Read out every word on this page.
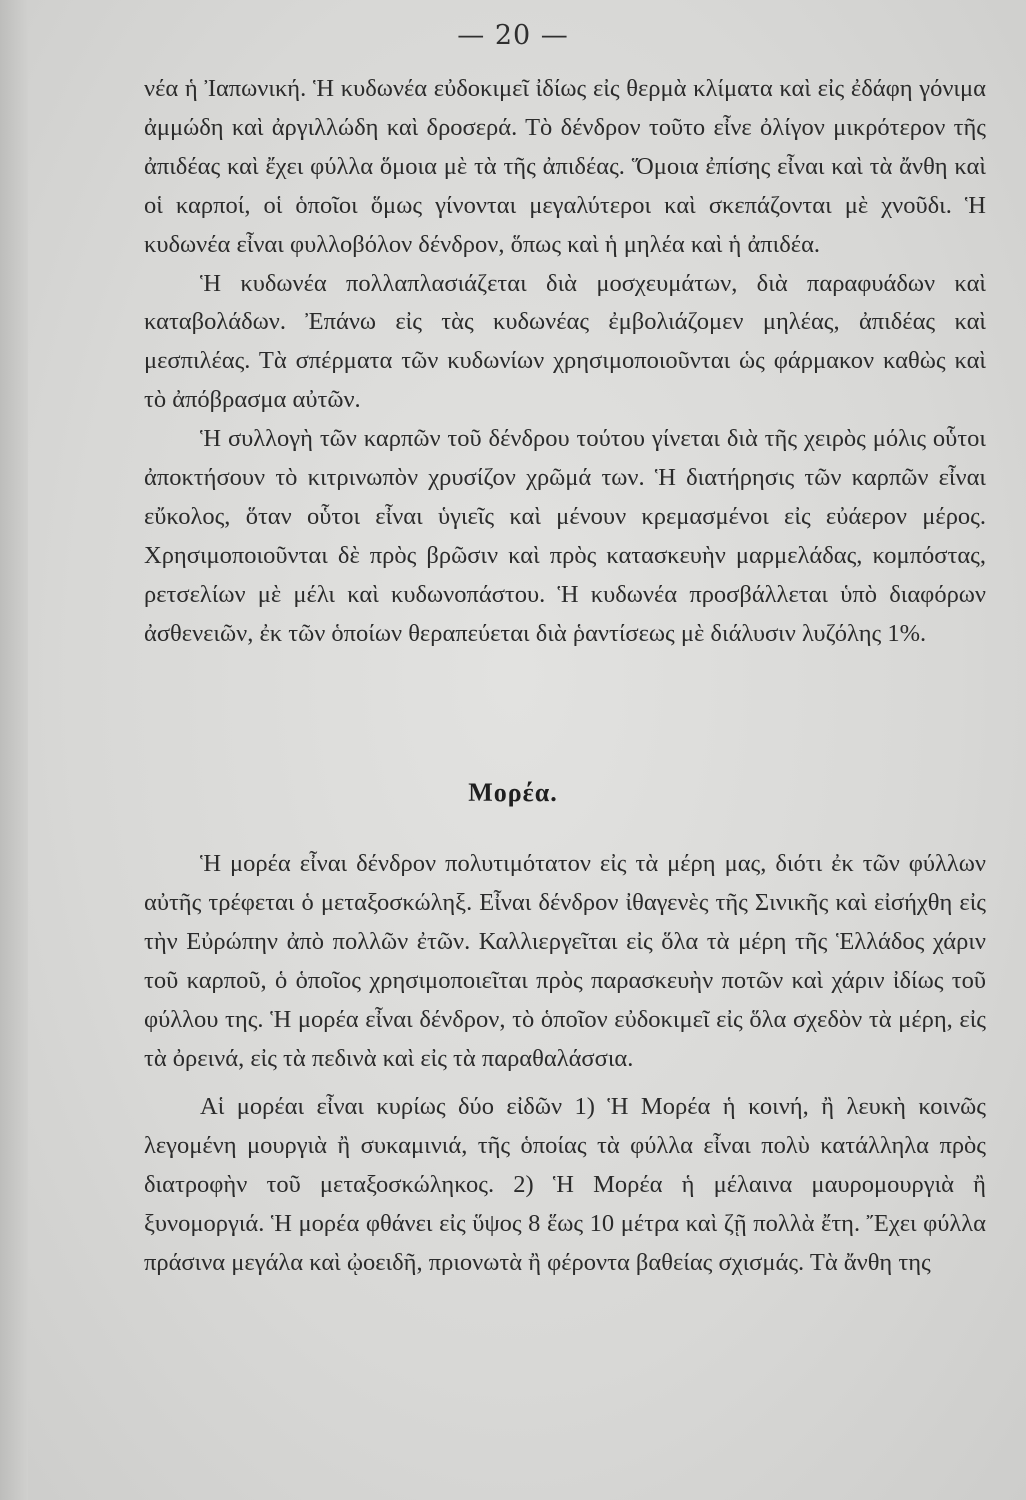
— 20 —

νέα ἡ Ἰαπωνική. Ἡ κυδωνέα εὐδοκιμεῖ ἰδίως εἰς θερμὰ κλίματα καὶ εἰς ἐδάφη γόνιμα ἀμμώδη καὶ ἀργιλλώδη καὶ δροσερά. Τὸ δένδρον τοῦτο εἶνε ὀλίγον μικρότερον τῆς ἀπιδέας καὶ ἔχει φύλλα ὅμοια μὲ τὰ τῆς ἀπιδέας. Ὅμοια ἐπίσης εἶναι καὶ τὰ ἄνθη καὶ οἱ καρποί, οἱ ὁποῖοι ὅμως γίνονται μεγαλύτεροι καὶ σκεπάζονται μὲ χνοῦδι. Ἡ κυδωνέα εἶναι φυλλοβόλον δένδρον, ὅπως καὶ ἡ μηλέα καὶ ἡ ἀπιδέα.

Ἡ κυδωνέα πολλαπλασιάζεται διὰ μοσχευμάτων, διὰ παραφυάδων καὶ καταβολάδων. Ἐπάνω εἰς τὰς κυδωνέας ἐμβολιάζομεν μηλέας, ἀπιδέας καὶ μεσπιλέας. Τὰ σπέρματα τῶν κυδωνίων χρησιμοποιοῦνται ὡς φάρμακον καθὼς καὶ τὸ ἀπόβρασμα αὐτῶν.

Ἡ συλλογὴ τῶν καρπῶν τοῦ δένδρου τούτου γίνεται διὰ τῆς χειρὸς μόλις οὗτοι ἀποκτήσουν τὸ κιτρινωπὸν χρυσίζον χρῶμά των. Ἡ διατήρησις τῶν καρπῶν εἶναι εὔκολος, ὅταν οὗτοι εἶναι ὑγιεῖς καὶ μένουν κρεμασμένοι εἰς εὐάερον μέρος. Χρησιμοποιοῦνται δὲ πρὸς βρῶσιν καὶ πρὸς κατασκευὴν μαρμελάδας, κομπόστας, ρετσελίων μὲ μέλι καὶ κυδωνοπάστου. Ἡ κυδωνέα προσβάλλεται ὑπὸ διαφόρων ἀσθενειῶν, ἐκ τῶν ὁποίων θεραπεύεται διὰ ῥαντίσεως μὲ διάλυσιν λυζόλης 1%.

Μορέα.

Ἡ μορέα εἶναι δένδρον πολυτιμότατον εἰς τὰ μέρη μας, διότι ἐκ τῶν φύλλων αὐτῆς τρέφεται ὁ μεταξοσκώληξ. Εἶναι δένδρον ἰθαγενὲς τῆς Σινικῆς καὶ εἰσήχθη εἰς τὴν Εὐρώπην ἀπὸ πολλῶν ἐτῶν. Καλλιεργεῖται εἰς ὅλα τὰ μέρη τῆς Ἑλλάδος χάριν τοῦ καρποῦ, ὁ ὁποῖος χρησιμοποιεῖται πρὸς παρασκευὴν ποτῶν καὶ χάριν ἰδίως τοῦ φύλλου της. Ἡ μορέα εἶναι δένδρον, τὸ ὁποῖον εὐδοκιμεῖ εἰς ὅλα σχεδὸν τὰ μέρη, εἰς τὰ ὀρεινά, εἰς τὰ πεδινὰ καὶ εἰς τὰ παραθαλάσσια.

Αἱ μορέαι εἶναι κυρίως δύο εἰδῶν 1) Ἡ Μορέα ἡ κοινή, ἢ λευκὴ κοινῶς λεγομένη μουργιὰ ἢ συκαμινιά, τῆς ὁποίας τὰ φύλλα εἶναι πολὺ κατάλληλα πρὸς διατροφὴν τοῦ μεταξοσκώληκος. 2) Ἡ Μορέα ἡ μέλαινα μαυρομουργιὰ ἢ ξυνομοργιά. Ἡ μορέα φθάνει εἰς ὕψος 8 ἕως 10 μέτρα καὶ ζῇ πολλὰ ἔτη. Ἔχει φύλλα πράσινα μεγάλα καὶ ᾠοειδῆ, πριονωτὰ ἢ φέροντα βαθείας σχισμάς. Τὰ ἄνθη της
